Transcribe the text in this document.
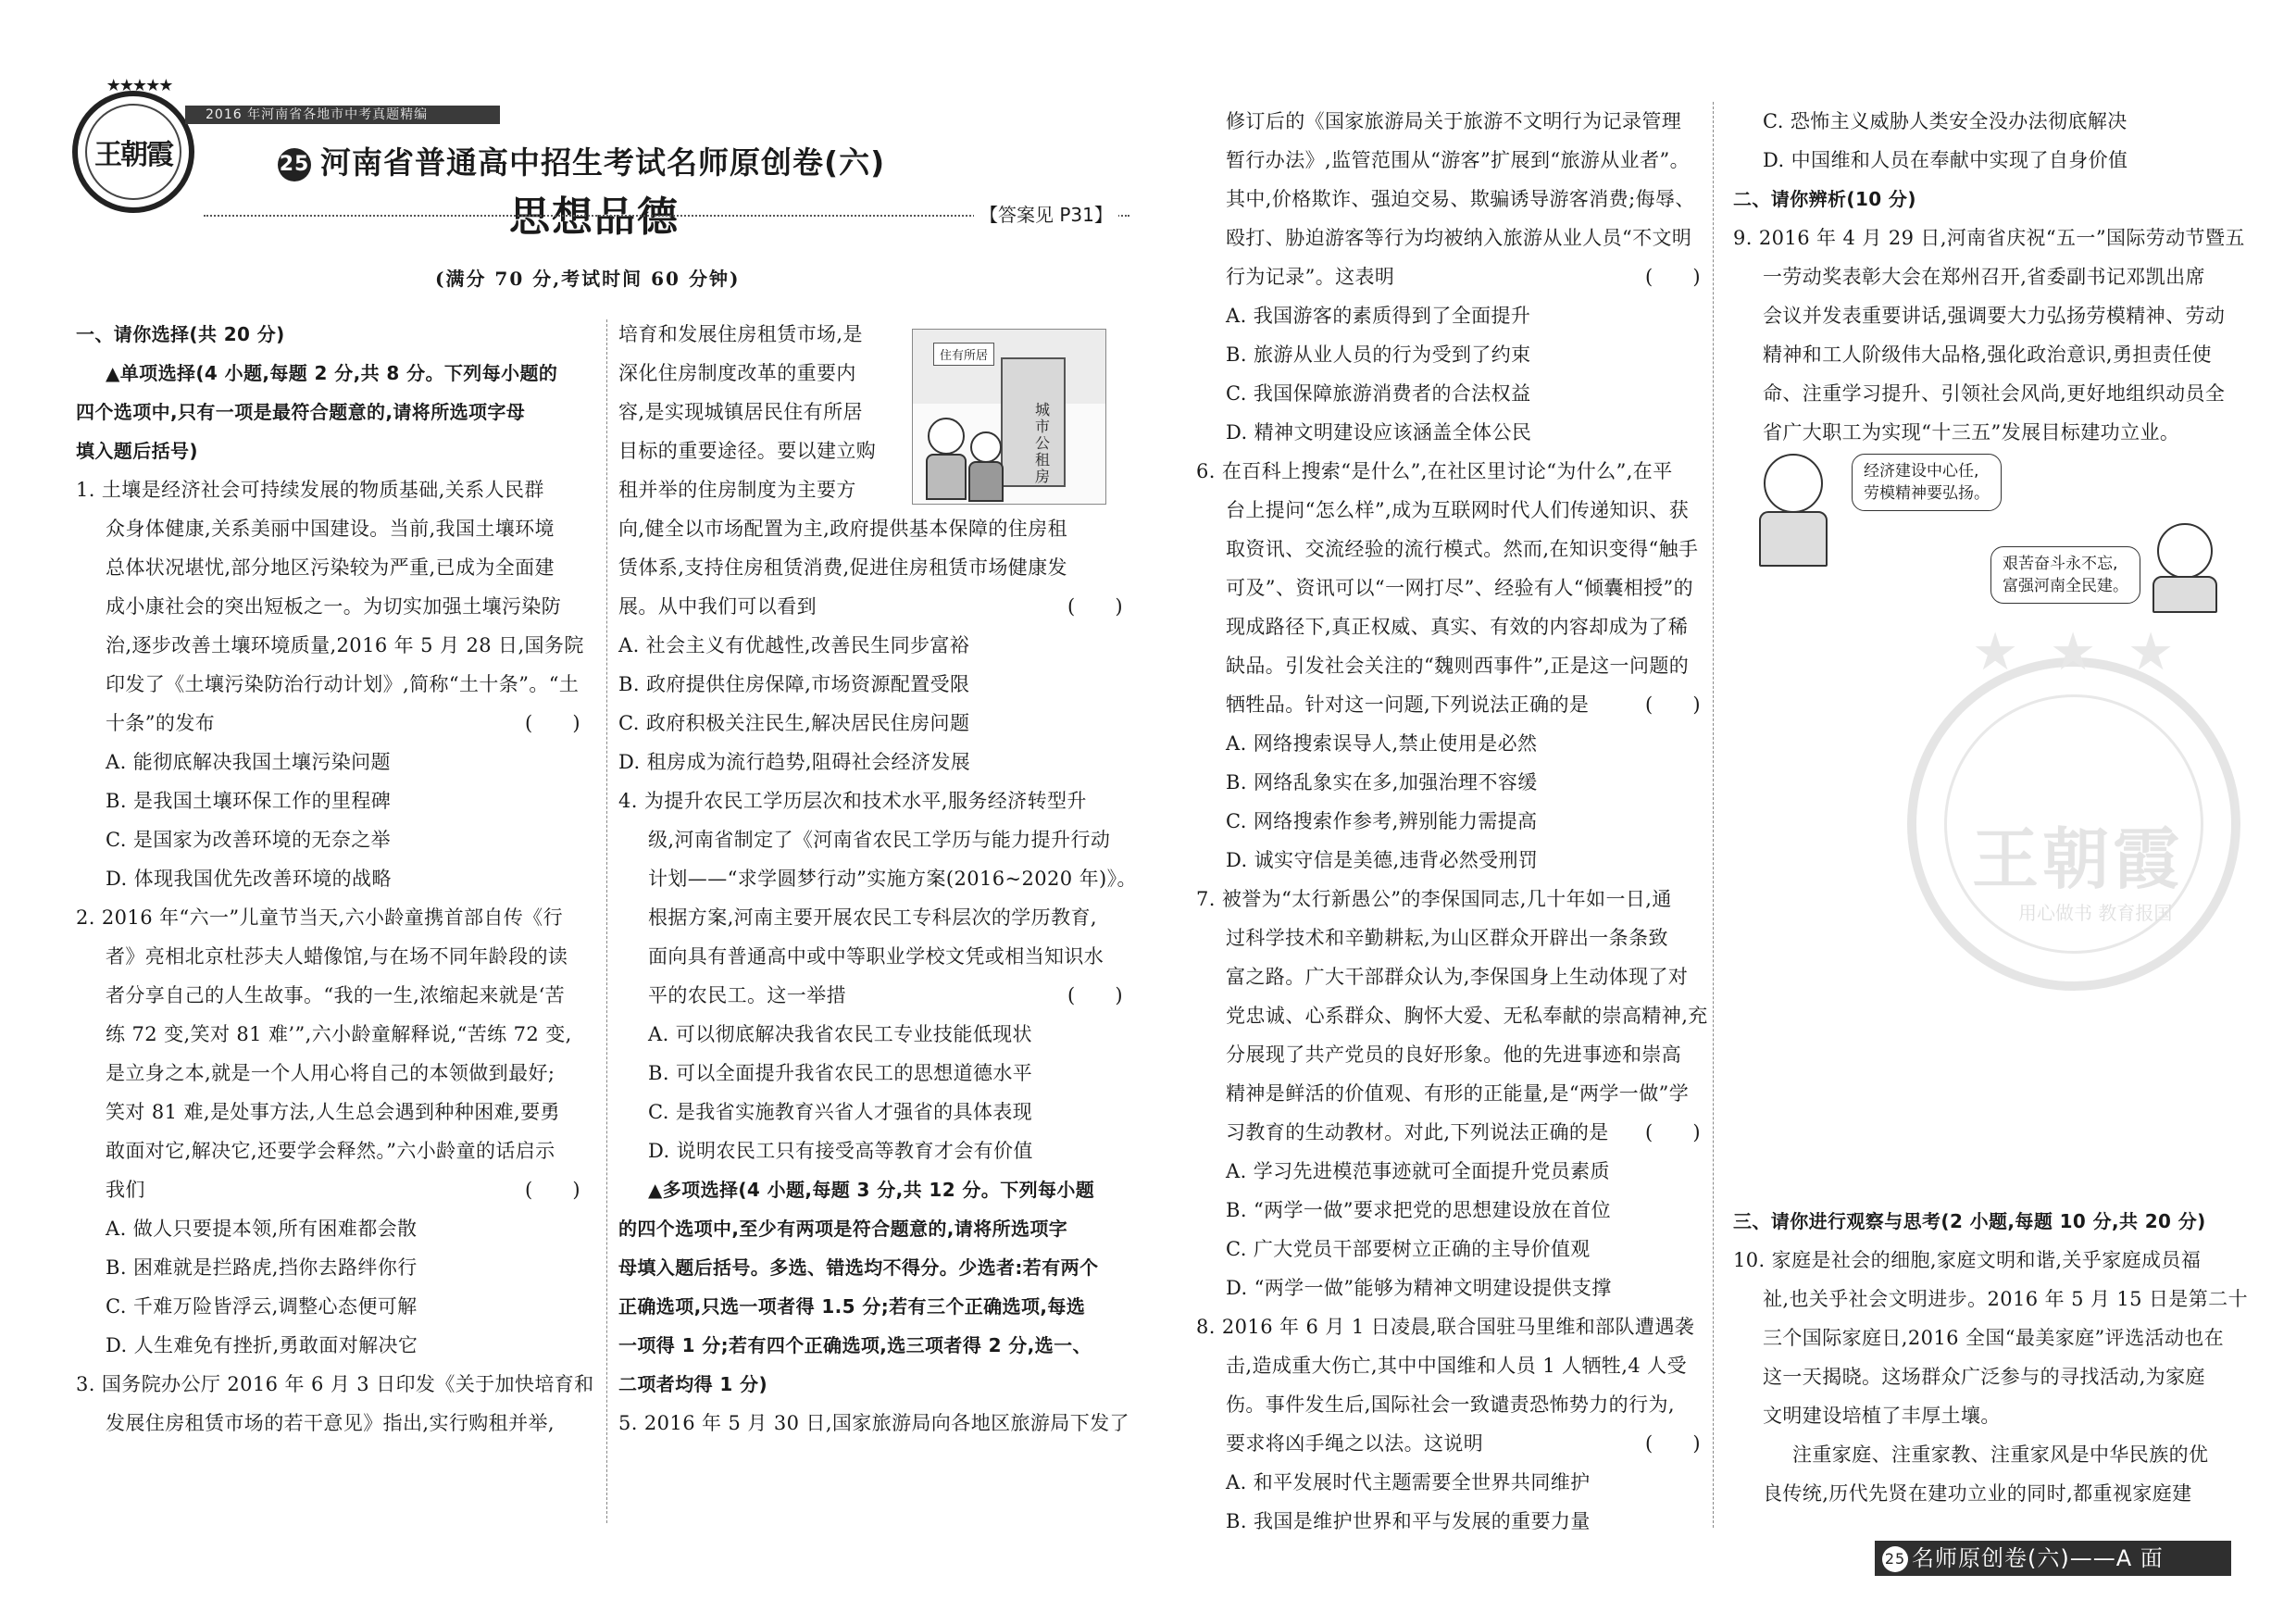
★★★★★
王朝霞
2016 年河南省各地市中考真题精编
25 河南省普通高中招生考试名师原创卷(六)
思想品德	【答案见 P31】
(满分 70 分,考试时间 60 分钟)

一、请你选择(共 20 分)

▲单项选择(4 小题,每题 2 分,共 8 分。下列每小题的

四个选项中,只有一项是最符合题意的,请将所选项字母

填入题后括号)

1. 土壤是经济社会可持续发展的物质基础,关系人民群

众身体健康,关系美丽中国建设。当前,我国土壤环境

总体状况堪忧,部分地区污染较为严重,已成为全面建

成小康社会的突出短板之一。为切实加强土壤污染防

治,逐步改善土壤环境质量,2016 年 5 月 28 日,国务院

印发了《土壤污染防治行动计划》,简称“土十条”。“土

十条”的发布	(　　)

A. 能彻底解决我国土壤污染问题

B. 是我国土壤环保工作的里程碑

C. 是国家为改善环境的无奈之举

D. 体现我国优先改善环境的战略

2. 2016 年“六一”儿童节当天,六小龄童携首部自传《行

者》亮相北京杜莎夫人蜡像馆,与在场不同年龄段的读

者分享自己的人生故事。“我的一生,浓缩起来就是‘苦

练 72 变,笑对 81 难’”,六小龄童解释说,“苦练 72 变,

是立身之本,就是一个人用心将自己的本领做到最好;

笑对 81 难,是处事方法,人生总会遇到种种困难,要勇

敢面对它,解决它,还要学会释然。”六小龄童的话启示

我们	(　　)

A. 做人只要提本领,所有困难都会散

B. 困难就是拦路虎,挡你去路绊你行

C. 千难万险皆浮云,调整心态便可解

D. 人生难免有挫折,勇敢面对解决它

3. 国务院办公厅 2016 年 6 月 3 日印发《关于加快培育和

发展住房租赁市场的若干意见》指出,实行购租并举,

培育和发展住房租赁市场,是

深化住房制度改革的重要内

容,是实现城镇居民住有所居

目标的重要途径。要以建立购

租并举的住房制度为主要方

向,健全以市场配置为主,政府提供基本保障的住房租

赁体系,支持住房租赁消费,促进住房租赁市场健康发

展。从中我们可以看到	(　　)

A. 社会主义有优越性,改善民生同步富裕

B. 政府提供住房保障,市场资源配置受限

C. 政府积极关注民生,解决居民住房问题

D. 租房成为流行趋势,阻碍社会经济发展

4. 为提升农民工学历层次和技术水平,服务经济转型升

级,河南省制定了《河南省农民工学历与能力提升行动

计划——“求学圆梦行动”实施方案(2016~2020 年)》。

根据方案,河南主要开展农民工专科层次的学历教育,

面向具有普通高中或中等职业学校文凭或相当知识水

平的农民工。这一举措	(　　)

A. 可以彻底解决我省农民工专业技能低现状

B. 可以全面提升我省农民工的思想道德水平

C. 是我省实施教育兴省人才强省的具体表现

D. 说明农民工只有接受高等教育才会有价值

▲多项选择(4 小题,每题 3 分,共 12 分。下列每小题

的四个选项中,至少有两项是符合题意的,请将所选项字

母填入题后括号。多选、错选均不得分。少选者:若有两个

正确选项,只选一项者得 1.5 分;若有三个正确选项,每选

一项得 1 分;若有四个正确选项,选三项者得 2 分,选一、

二项者均得 1 分)

5. 2016 年 5 月 30 日,国家旅游局向各地区旅游局下发了

住有所居
城市公租房

修订后的《国家旅游局关于旅游不文明行为记录管理

暂行办法》,监管范围从“游客”扩展到“旅游从业者”。

其中,价格欺诈、强迫交易、欺骗诱导游客消费;侮辱、

殴打、胁迫游客等行为均被纳入旅游从业人员“不文明

行为记录”。这表明	(　　)

A. 我国游客的素质得到了全面提升

B. 旅游从业人员的行为受到了约束

C. 我国保障旅游消费者的合法权益

D. 精神文明建设应该涵盖全体公民

6. 在百科上搜索“是什么”,在社区里讨论“为什么”,在平

台上提问“怎么样”,成为互联网时代人们传递知识、获

取资讯、交流经验的流行模式。然而,在知识变得“触手

可及”、资讯可以“一网打尽”、经验有人“倾囊相授”的

现成路径下,真正权威、真实、有效的内容却成为了稀

缺品。引发社会关注的“魏则西事件”,正是这一问题的

牺牲品。针对这一问题,下列说法正确的是	(　　)

A. 网络搜索误导人,禁止使用是必然

B. 网络乱象实在多,加强治理不容缓

C. 网络搜索作参考,辨别能力需提高

D. 诚实守信是美德,违背必然受刑罚

7. 被誉为“太行新愚公”的李保国同志,几十年如一日,通

过科学技术和辛勤耕耘,为山区群众开辟出一条条致

富之路。广大干部群众认为,李保国身上生动体现了对

党忠诚、心系群众、胸怀大爱、无私奉献的崇高精神,充

分展现了共产党员的良好形象。他的先进事迹和崇高

精神是鲜活的价值观、有形的正能量,是“两学一做”学

习教育的生动教材。对此,下列说法正确的是 (　　)

A. 学习先进模范事迹就可全面提升党员素质

B. “两学一做”要求把党的思想建设放在首位

C. 广大党员干部要树立正确的主导价值观

D. “两学一做”能够为精神文明建设提供支撑

8. 2016 年 6 月 1 日凌晨,联合国驻马里维和部队遭遇袭

击,造成重大伤亡,其中中国维和人员 1 人牺牲,4 人受

伤。事件发生后,国际社会一致谴责恐怖势力的行为,

要求将凶手绳之以法。这说明	(　　)

A. 和平发展时代主题需要全世界共同维护

B. 我国是维护世界和平与发展的重要力量

C. 恐怖主义威胁人类安全没办法彻底解决

D. 中国维和人员在奉献中实现了自身价值

二、请你辨析(10 分)

9. 2016 年 4 月 29 日,河南省庆祝“五一”国际劳动节暨五

一劳动奖表彰大会在郑州召开,省委副书记邓凯出席

会议并发表重要讲话,强调要大力弘扬劳模精神、劳动

精神和工人阶级伟大品格,强化政治意识,勇担责任使

命、注重学习提升、引领社会风尚,更好地组织动员全

省广大职工为实现“十三五”发展目标建功立业。

经济建设中心任,
劳模精神要弘扬。
艰苦奋斗永不忘,
富强河南全民建。
★ ★ ★
王朝霞
用心做书 教育报国

三、请你进行观察与思考(2 小题,每题 10 分,共 20 分)

10. 家庭是社会的细胞,家庭文明和谐,关乎家庭成员福

祉,也关乎社会文明进步。2016 年 5 月 15 日是第二十

三个国际家庭日,2016 全国“最美家庭”评选活动也在

这一天揭晓。这场群众广泛参与的寻找活动,为家庭

文明建设培植了丰厚土壤。

注重家庭、注重家教、注重家风是中华民族的优

良传统,历代先贤在建功立业的同时,都重视家庭建

25 名师原创卷(六)——A 面
